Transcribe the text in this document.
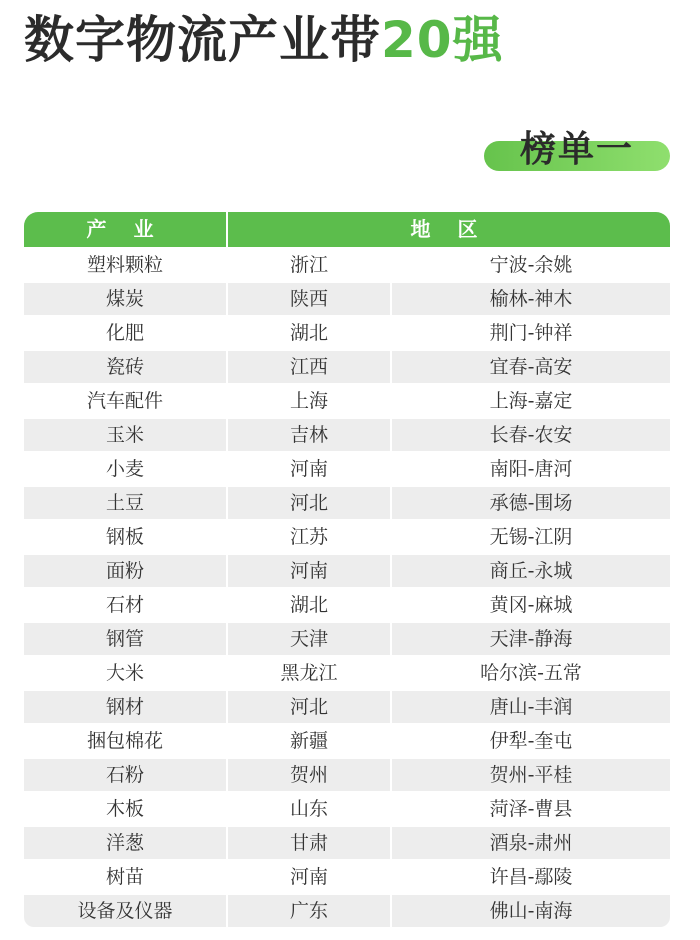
数字物流产业带20强
榜单一
产 业	地 区
塑料颗粒	浙江	宁波-余姚
煤炭	陕西	榆林-神木
化肥	湖北	荆门-钟祥
瓷砖	江西	宜春-高安
汽车配件	上海	上海-嘉定
玉米	吉林	长春-农安
小麦	河南	南阳-唐河
土豆	河北	承德-围场
钢板	江苏	无锡-江阴
面粉	河南	商丘-永城
石材	湖北	黄冈-麻城
钢管	天津	天津-静海
大米	黑龙江	哈尔滨-五常
钢材	河北	唐山-丰润
捆包棉花	新疆	伊犁-奎屯
石粉	贺州	贺州-平桂
木板	山东	菏泽-曹县
洋葱	甘肃	酒泉-肃州
树苗	河南	许昌-鄢陵
设备及仪器	广东	佛山-南海
